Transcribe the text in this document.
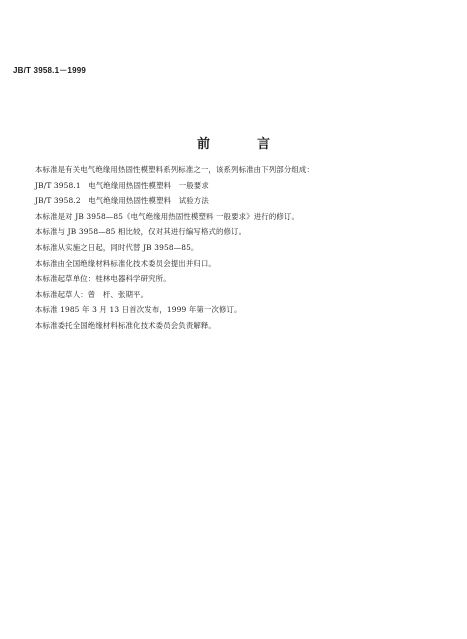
JB/T 3958.1－1999
前　言
本标准是有关电气绝缘用热固性模塑料系列标准之一，该系列标准由下列部分组成：
JB/T 3958.1　电气绝缘用热固性模塑料　一般要求
JB/T 3958.2　电气绝缘用热固性模塑料　试验方法
本标准是对 JB 3958—85《电气绝缘用热固性模塑料 一般要求》进行的修订。
本标准与 JB 3958—85 相比较，仅对其进行编写格式的修订。
本标准从实施之日起，同时代替 JB 3958—85。
本标准由全国绝缘材料标准化技术委员会提出并归口。
本标准起草单位：桂林电器科学研究所。
本标准起草人：曾　杆、张期平。
本标准 1985 年 3 月 13 日首次发布，1999 年第一次修订。
本标准委托全国绝缘材料标准化技术委员会负责解释。
